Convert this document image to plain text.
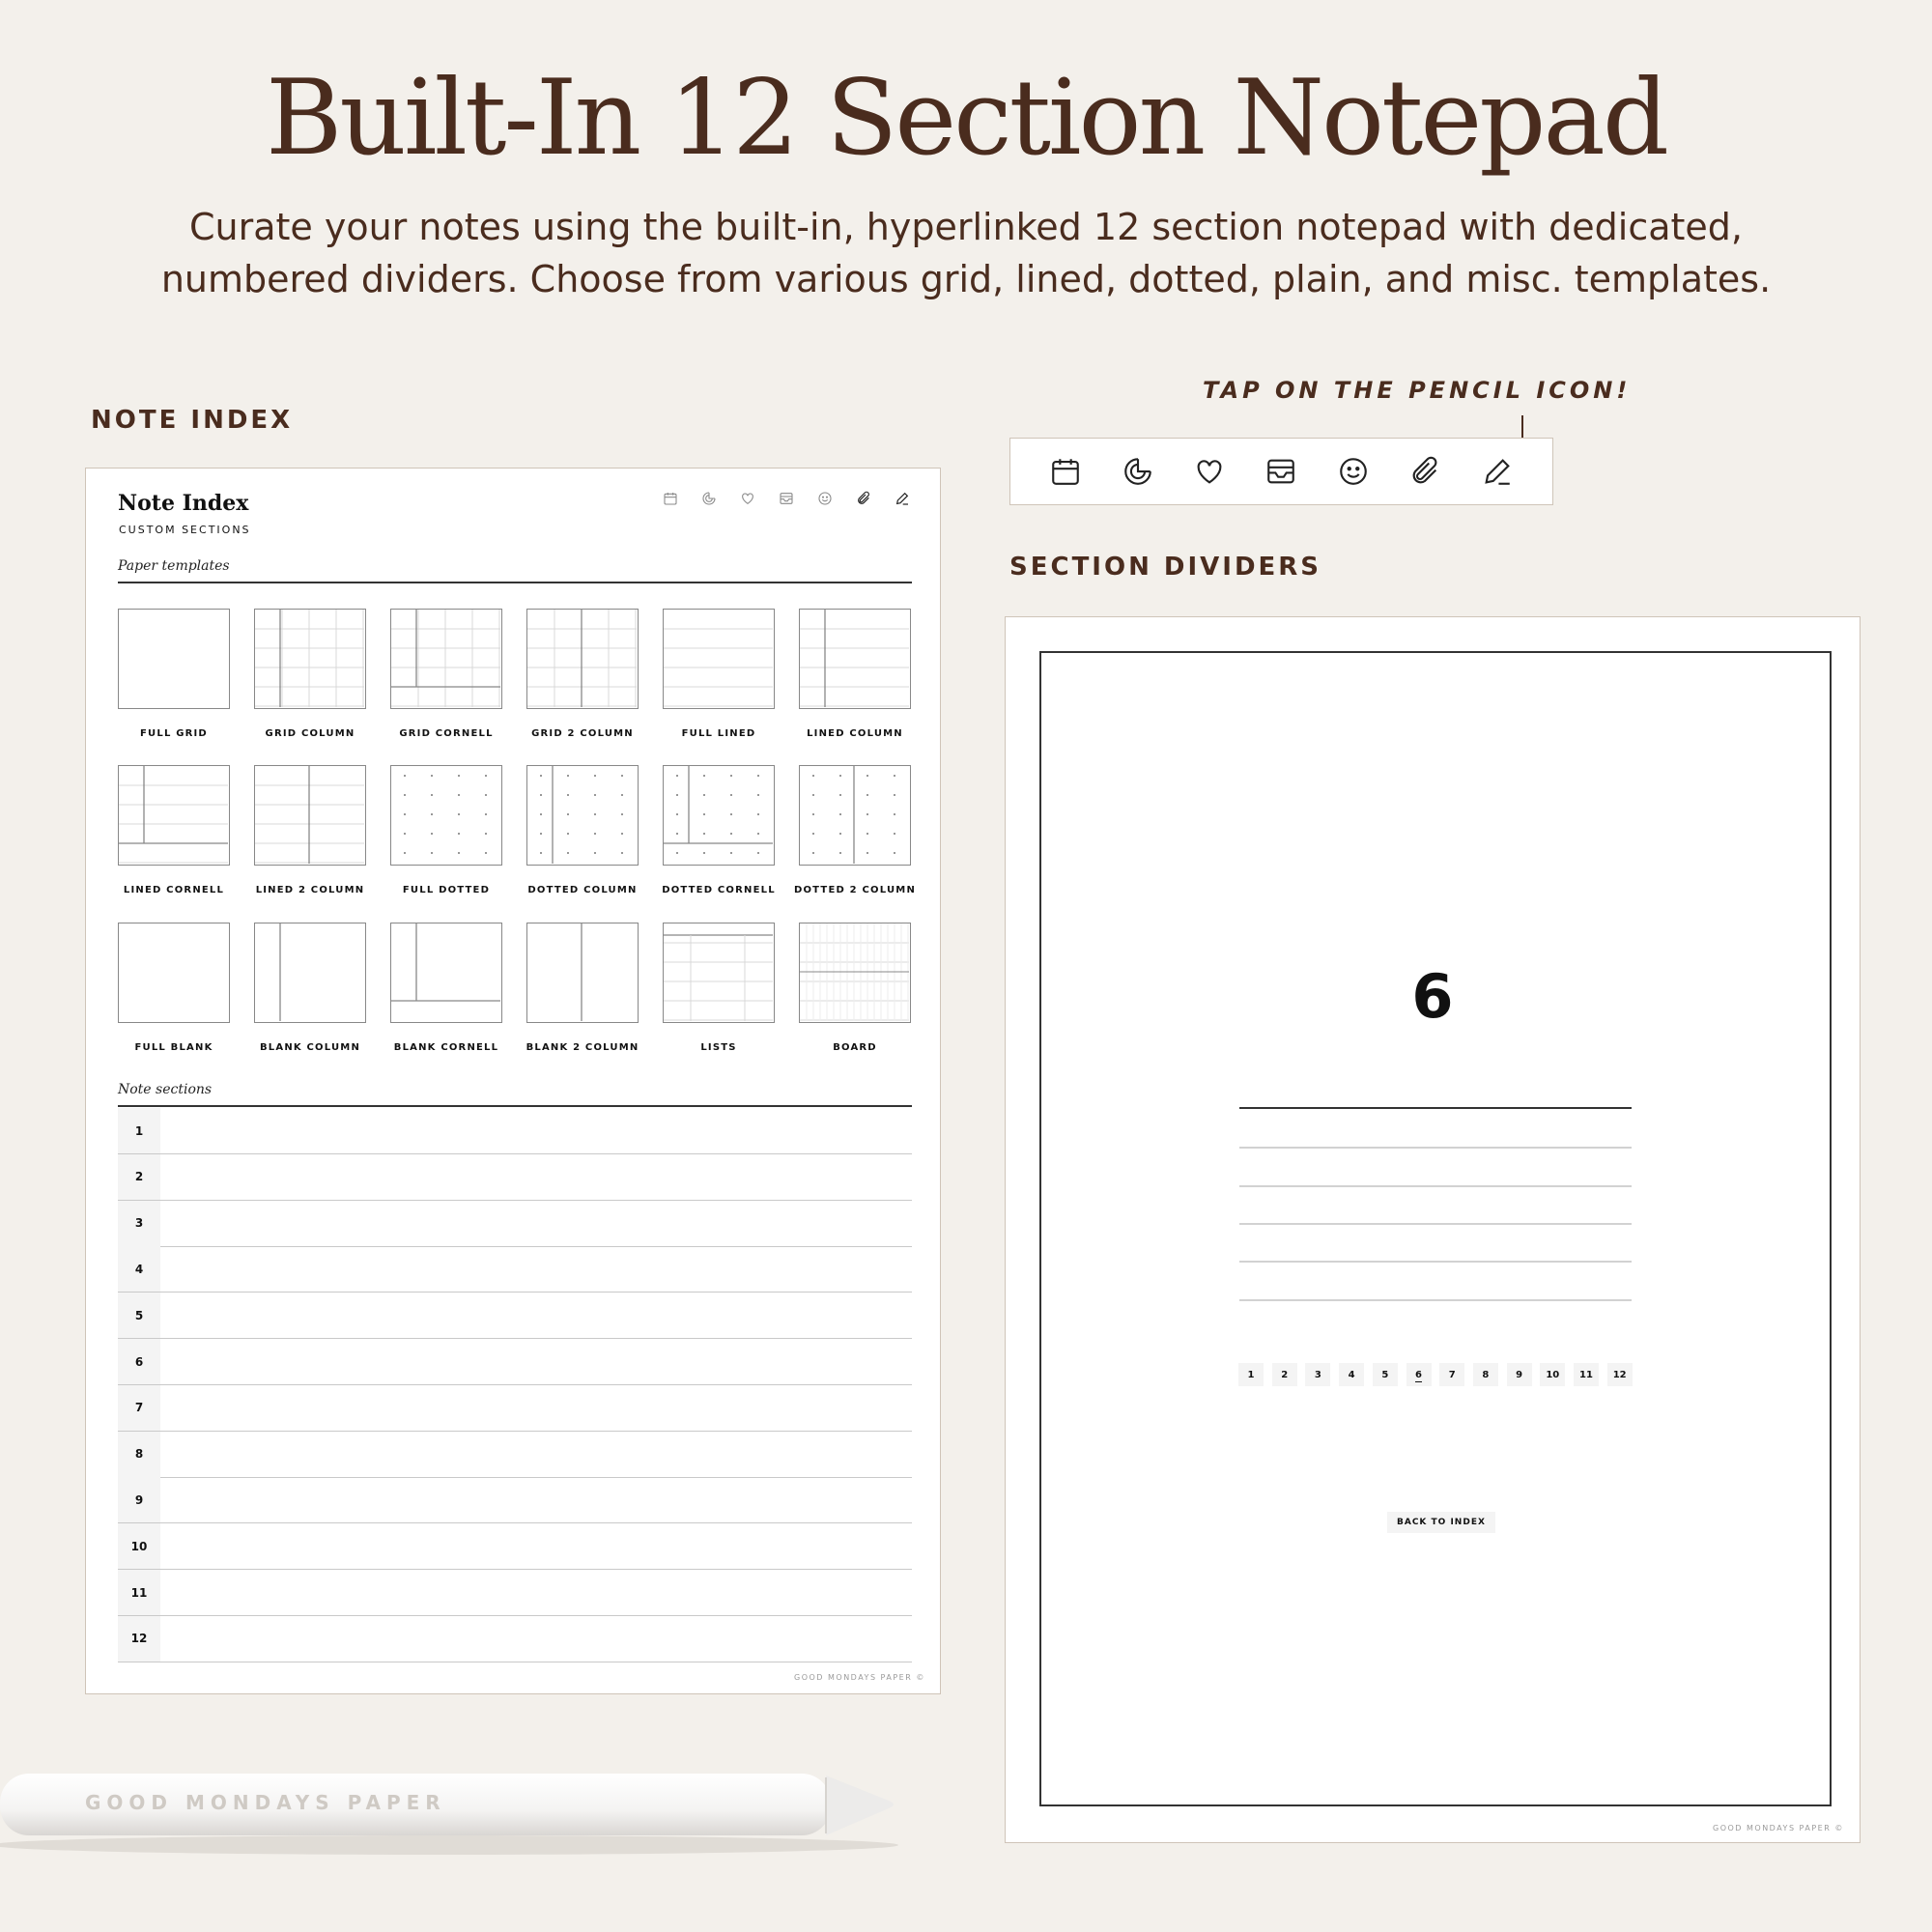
Built-In 12 Section Notepad
Curate your notes using the built-in, hyperlinked 12 section notepad with dedicated,
numbered dividers. Choose from various grid, lined, dotted, plain, and misc. templates.
NOTE INDEX
SECTION DIVIDERS
TAP ON THE PENCIL ICON!
Note Index
CUSTOM SECTIONS
Paper templates
FULL GRID	GRID COLUMN	GRID CORNELL	GRID 2 COLUMN	FULL LINED	LINED COLUMN
LINED CORNELL	LINED 2 COLUMN	FULL DOTTED	DOTTED COLUMN	DOTTED CORNELL	DOTTED 2 COLUMN
FULL BLANK	BLANK COLUMN	BLANK CORNELL	BLANK 2 COLUMN	LISTS	BOARD
Note sections
1
2
3
4
5
6
7
8
9
10
11
12
GOOD MONDAYS PAPER ©
6
1	2	3	4	5	6	7	8	9	10	11	12
BACK TO INDEX
GOOD MONDAYS PAPER ©
GOOD MONDAYS PAPER
